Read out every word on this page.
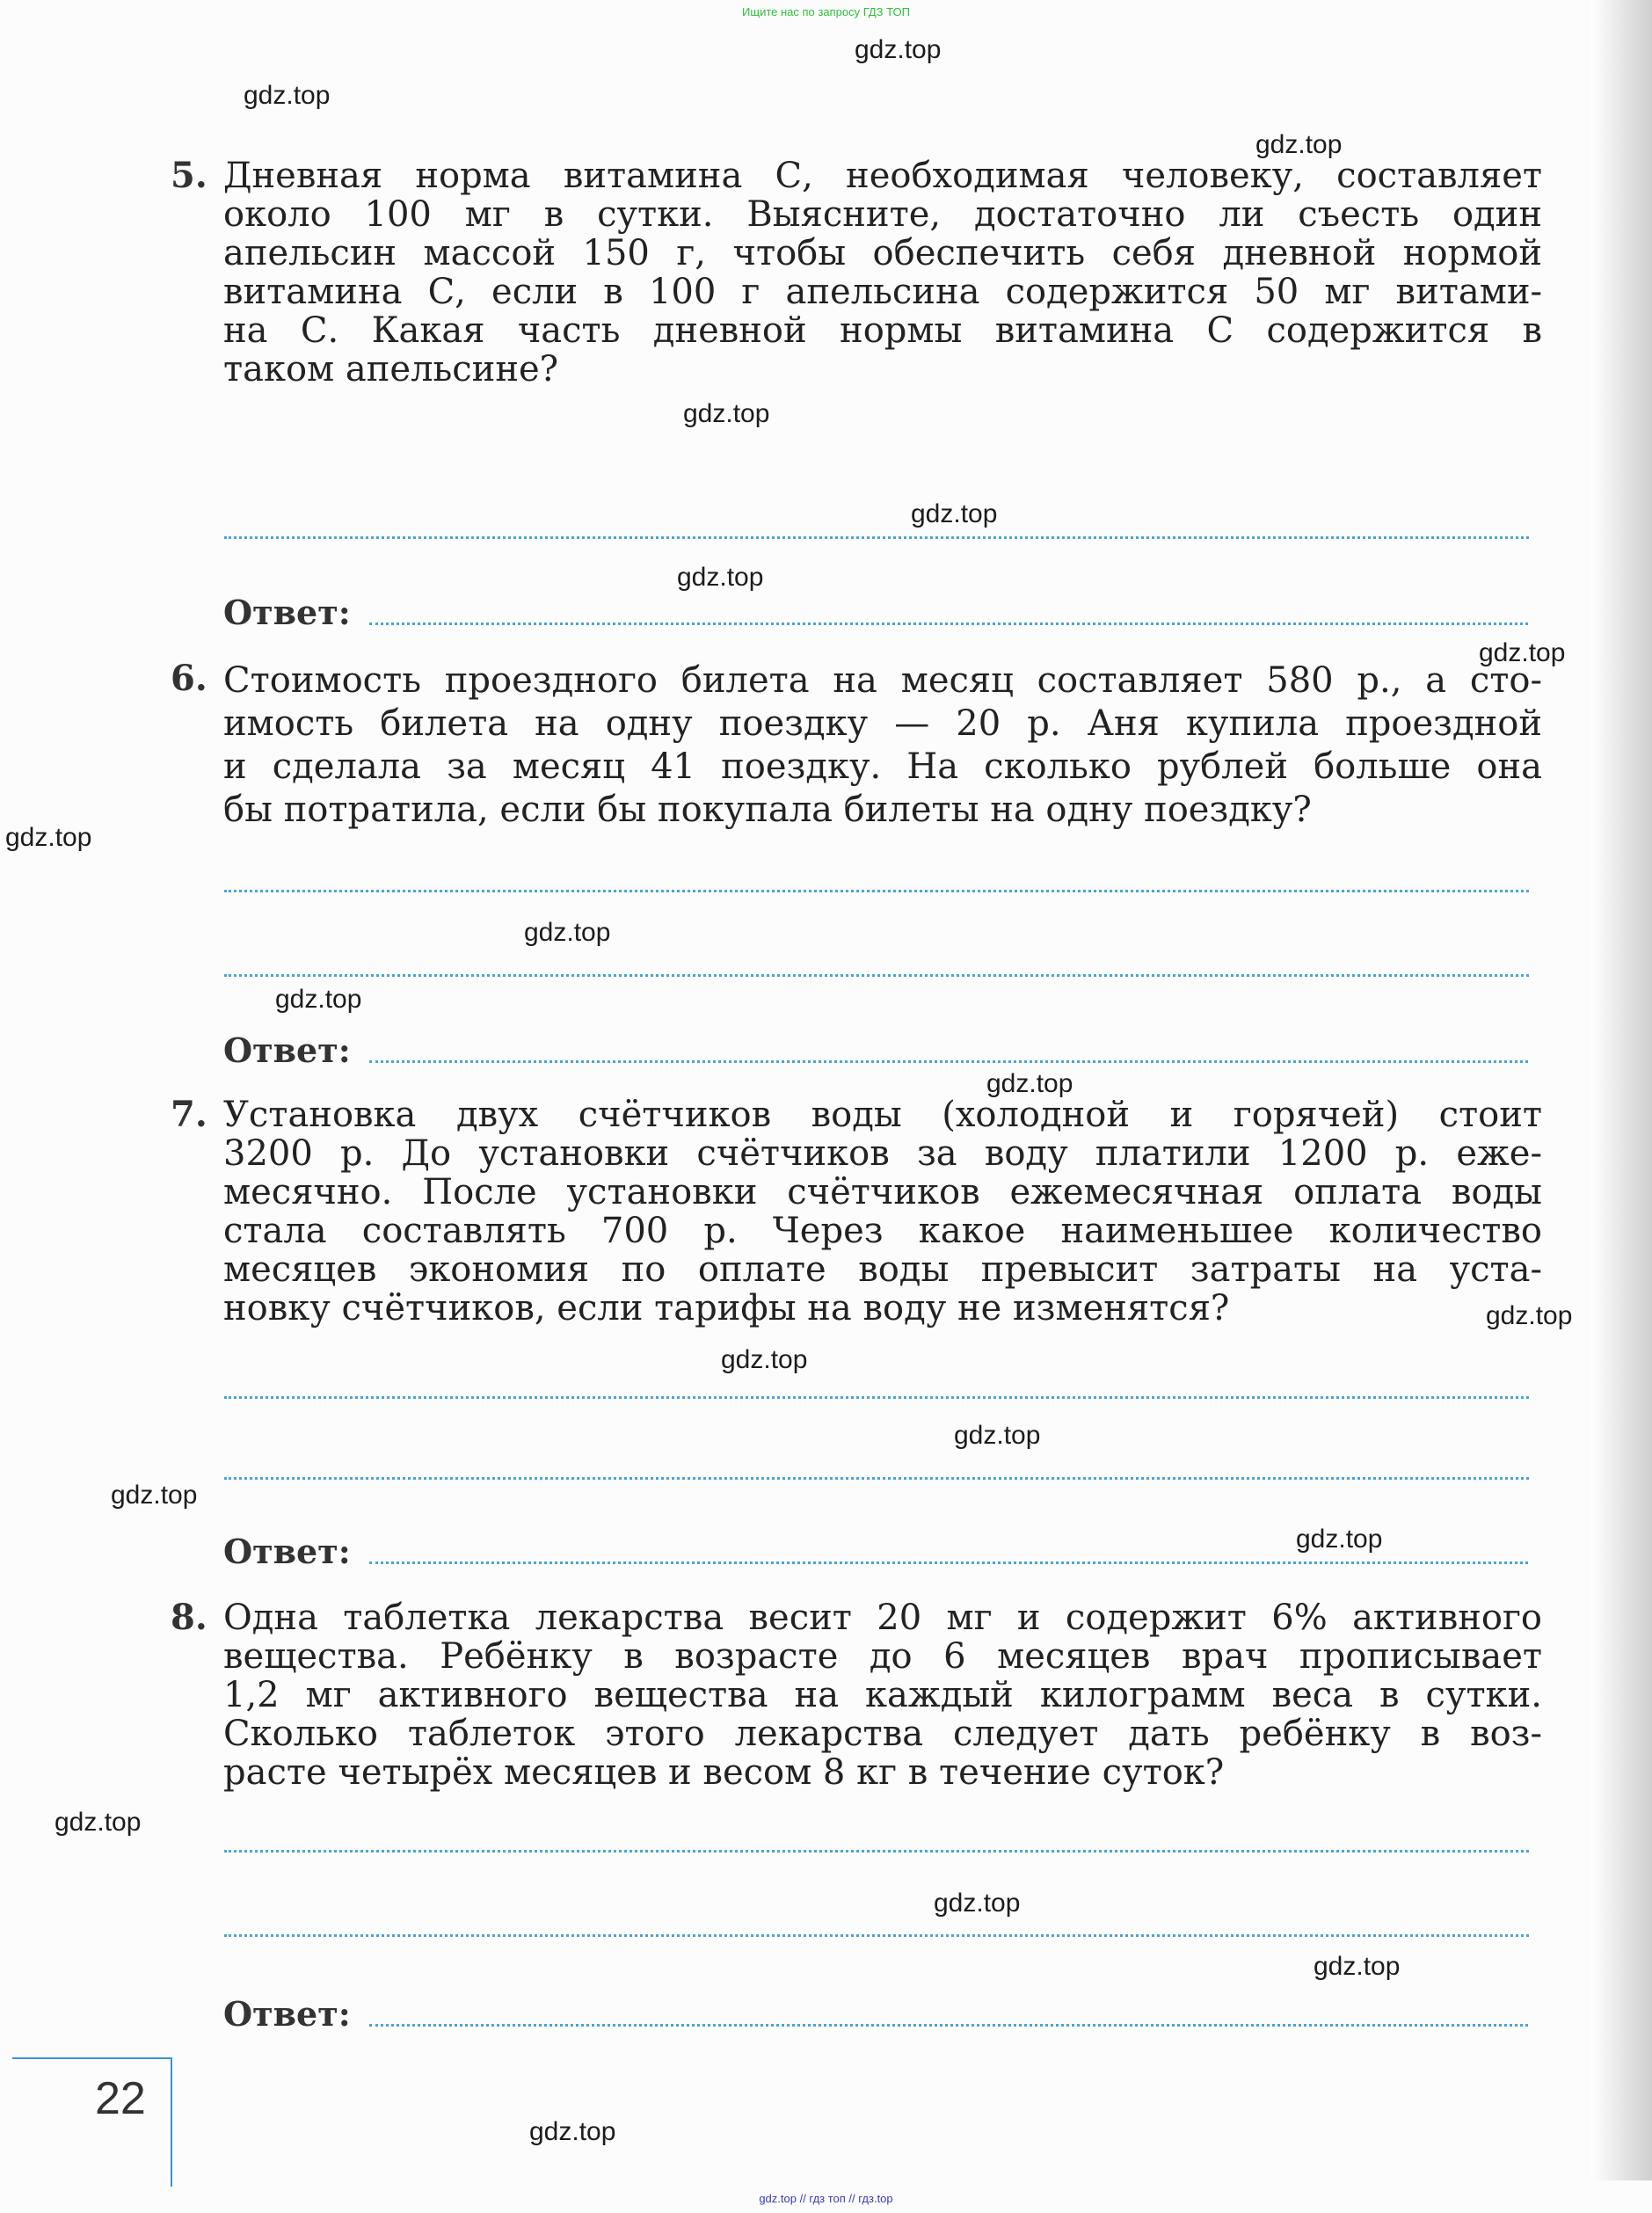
Ищите нас по запросу ГДЗ ТОП
5. Дневная норма витамина С, необходимая человеку, составляет
около 100 мг в сутки. Выясните, достаточно ли съесть один
апельсин массой 150 г, чтобы обеспечить себя дневной нормой
витамина С, если в 100 г апельсина содержится 50 мг витами-
на С. Какая часть дневной нормы витамина С содержится в
таком апельсине?
Ответ:
6. Стоимость проездного билета на месяц составляет 580 р., а сто-
имость билета на одну поездку — 20 р. Аня купила проездной
и сделала за месяц 41 поездку. На сколько рублей больше она
бы потратила, если бы покупала билеты на одну поездку?
Ответ:
7. Установка двух счётчиков воды (холодной и горячей) стоит
3200 р. До установки счётчиков за воду платили 1200 р. еже-
месячно. После установки счётчиков ежемесячная оплата воды
стала составлять 700 р. Через какое наименьшее количество
месяцев экономия по оплате воды превысит затраты на уста-
новку счётчиков, если тарифы на воду не изменятся?
Ответ:
8. Одна таблетка лекарства весит 20 мг и содержит 6% активного
вещества. Ребёнку в возрасте до 6 месяцев врач прописывает
1,2 мг активного вещества на каждый килограмм веса в сутки.
Сколько таблеток этого лекарства следует дать ребёнку в воз-
расте четырёх месяцев и весом 8 кг в течение суток?
Ответ:
22
gdz.top
gdz.top
gdz.top
gdz.top
gdz.top
gdz.top
gdz.top
gdz.top
gdz.top
gdz.top
gdz.top
gdz.top
gdz.top
gdz.top
gdz.top
gdz.top
gdz.top
gdz.top
gdz.top
gdz.top
gdz.top // гдз топ // гдз.top
